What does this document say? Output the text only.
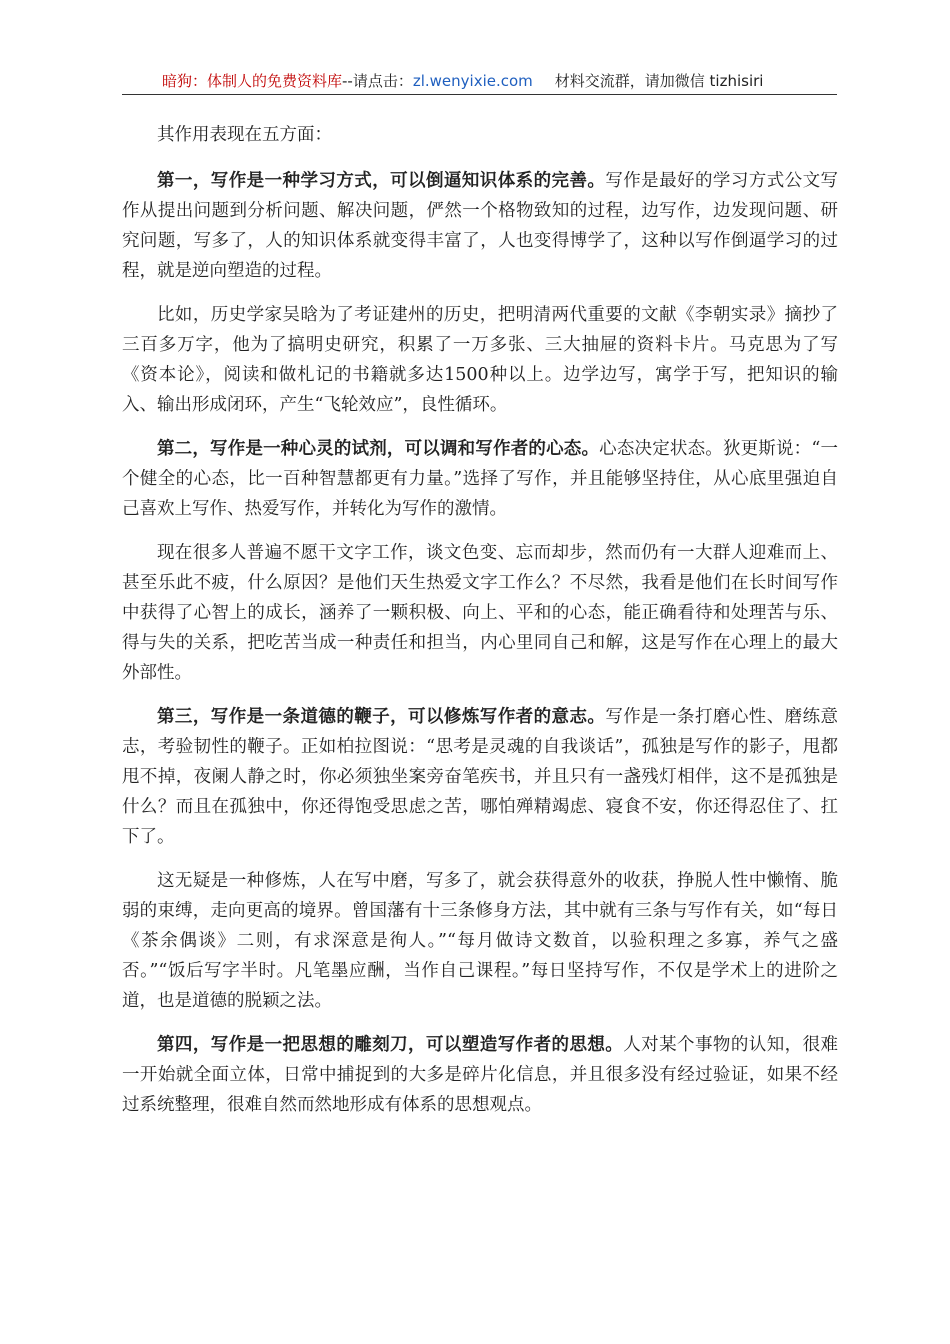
暗狗：体制人的免费资料库--请点击：zl.wenyixie.com 材料交流群，请加微信 tizhisiri

其作用表现在五方面：

第一，写作是一种学习方式，可以倒逼知识体系的完善。写作是最好的学习方式公文写作从提出问题到分析问题、解决问题，俨然一个格物致知的过程，边写作，边发现问题、研究问题，写多了，人的知识体系就变得丰富了，人也变得博学了，这种以写作倒逼学习的过程，就是逆向塑造的过程。

比如，历史学家吴晗为了考证建州的历史，把明清两代重要的文献《李朝实录》摘抄了三百多万字，他为了搞明史研究，积累了一万多张、三大抽屉的资料卡片。马克思为了写《资本论》，阅读和做札记的书籍就多达1500种以上。边学边写，寓学于写，把知识的输入、输出形成闭环，产生“飞轮效应”，良性循环。

第二，写作是一种心灵的试剂，可以调和写作者的心态。心态决定状态。狄更斯说：“一个健全的心态，比一百种智慧都更有力量。”选择了写作，并且能够坚持住，从心底里强迫自己喜欢上写作、热爱写作，并转化为写作的激情。

现在很多人普遍不愿干文字工作，谈文色变、忘而却步，然而仍有一大群人迎难而上、甚至乐此不疲，什么原因？是他们天生热爱文字工作么？不尽然，我看是他们在长时间写作中获得了心智上的成长，涵养了一颗积极、向上、平和的心态，能正确看待和处理苦与乐、得与失的关系，把吃苦当成一种责任和担当，内心里同自己和解，这是写作在心理上的最大外部性。

第三，写作是一条道德的鞭子，可以修炼写作者的意志。写作是一条打磨心性、磨练意志，考验韧性的鞭子。正如柏拉图说：“思考是灵魂的自我谈话”，孤独是写作的影子，甩都甩不掉，夜阑人静之时，你必须独坐案旁奋笔疾书，并且只有一盏残灯相伴，这不是孤独是什么？而且在孤独中，你还得饱受思虑之苦，哪怕殚精竭虑、寝食不安，你还得忍住了、扛下了。

这无疑是一种修炼，人在写中磨，写多了，就会获得意外的收获，挣脱人性中懒惰、脆弱的束缚，走向更高的境界。曾国藩有十三条修身方法，其中就有三条与写作有关，如“每日《茶余偶谈》二则，有求深意是徇人。”“每月做诗文数首，以验积理之多寡，养气之盛否。”“饭后写字半时。凡笔墨应酬，当作自己课程。”每日坚持写作，不仅是学术上的进阶之道，也是道德的脱颖之法。

第四，写作是一把思想的雕刻刀，可以塑造写作者的思想。人对某个事物的认知，很难一开始就全面立体，日常中捕捉到的大多是碎片化信息，并且很多没有经过验证，如果不经过系统整理，很难自然而然地形成有体系的思想观点。
